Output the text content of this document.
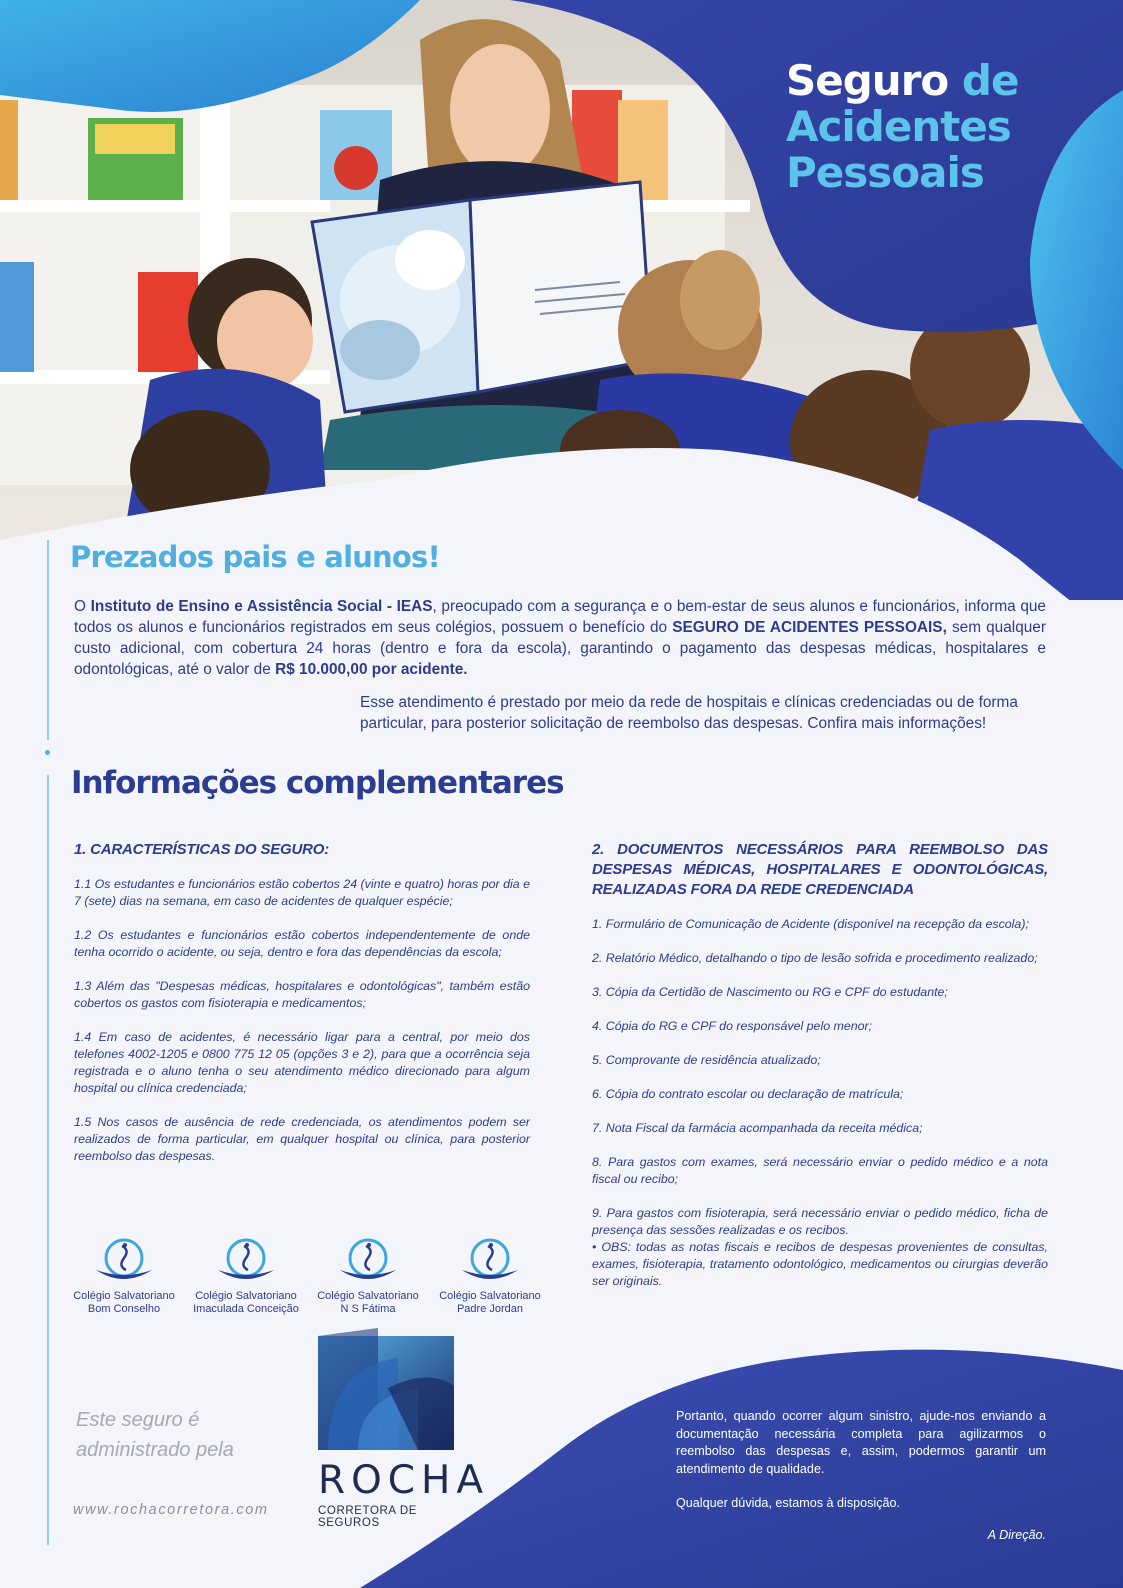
Seguro de
Acidentes
Pessoais
Prezados pais e alunos!

O Instituto de Ensino e Assistência Social - IEAS, preocupado com a segurança e o bem-estar de seus alunos e funcionários, informa que todos os alunos e funcionários registrados em seus colégios, possuem o benefício do SEGURO DE ACIDENTES PESSOAIS, sem qualquer custo adicional, com cobertura 24 horas (dentro e fora da escola), garantindo o pagamento das despesas médicas, hospitalares e odontológicas, até o valor de R$ 10.000,00 por acidente.

Esse atendimento é prestado por meio da rede de hospitais e clínicas credenciadas ou de forma particular, para posterior solicitação de reembolso das despesas. Confira mais informações!

Informações complementares
1. CARACTERÍSTICAS DO SEGURO:

1.1 Os estudantes e funcionários estão cobertos 24 (vinte e quatro) horas por dia e 7 (sete) dias na semana, em caso de acidentes de qualquer espécie;

1.2 Os estudantes e funcionários estão cobertos independentemente de onde tenha ocorrido o acidente, ou seja, dentro e fora das dependências da escola;

1.3 Além das "Despesas médicas, hospitalares e odontológicas", também estão cobertos os gastos com fisioterapia e medicamentos;

1.4 Em caso de acidentes, é necessário ligar para a central, por meio dos telefones 4002-1205 e 0800 775 12 05 (opções 3 e 2), para que a ocorrência seja registrada e o aluno tenha o seu atendimento médico direcionado para algum hospital ou clínica credenciada;

1.5 Nos casos de ausência de rede credenciada, os atendimentos podem ser realizados de forma particular, em qualquer hospital ou clínica, para posterior reembolso das despesas.

2. DOCUMENTOS NECESSÁRIOS PARA REEMBOLSO DAS DESPESAS MÉDICAS, HOSPITALARES E ODONTOLÓGICAS, REALIZADAS FORA DA REDE CREDENCIADA

1. Formulário de Comunicação de Acidente (disponível na recepção da escola);

2. Relatório Médico, detalhando o tipo de lesão sofrida e procedimento realizado;

3. Cópia da Certidão de Nascimento ou RG e CPF do estudante;

4. Cópia do RG e CPF do responsável pelo menor;

5. Comprovante de residência atualizado;

6. Cópia do contrato escolar ou declaração de matrícula;

7. Nota Fiscal da farmácia acompanhada da receita médica;

8. Para gastos com exames, será necessário enviar o pedido médico e a nota fiscal ou recibo;

9. Para gastos com fisioterapia, será necessário enviar o pedido médico, ficha de presença das sessões realizadas e os recibos.

• OBS: todas as notas fiscais e recibos de despesas provenientes de consultas, exames, fisioterapia, tratamento odontológico, medicamentos ou cirurgias deverão ser originais.

Colégio Salvatoriano
Bom Conselho
Colégio Salvatoriano
Imaculada Conceição
Colégio Salvatoriano
N S Fátima
Colégio Salvatoriano
Padre Jordan
Este seguro é administrado pela
www.rochacorretora.com
ROCHA
CORRETORA DE SEGUROS

Portanto, quando ocorrer algum sinistro, ajude-nos enviando a documentação necessária completa para agilizarmos o reembolso das despesas e, assim, podermos garantir um atendimento de qualidade.

Qualquer dúvida, estamos à disposição.

A Direção.
